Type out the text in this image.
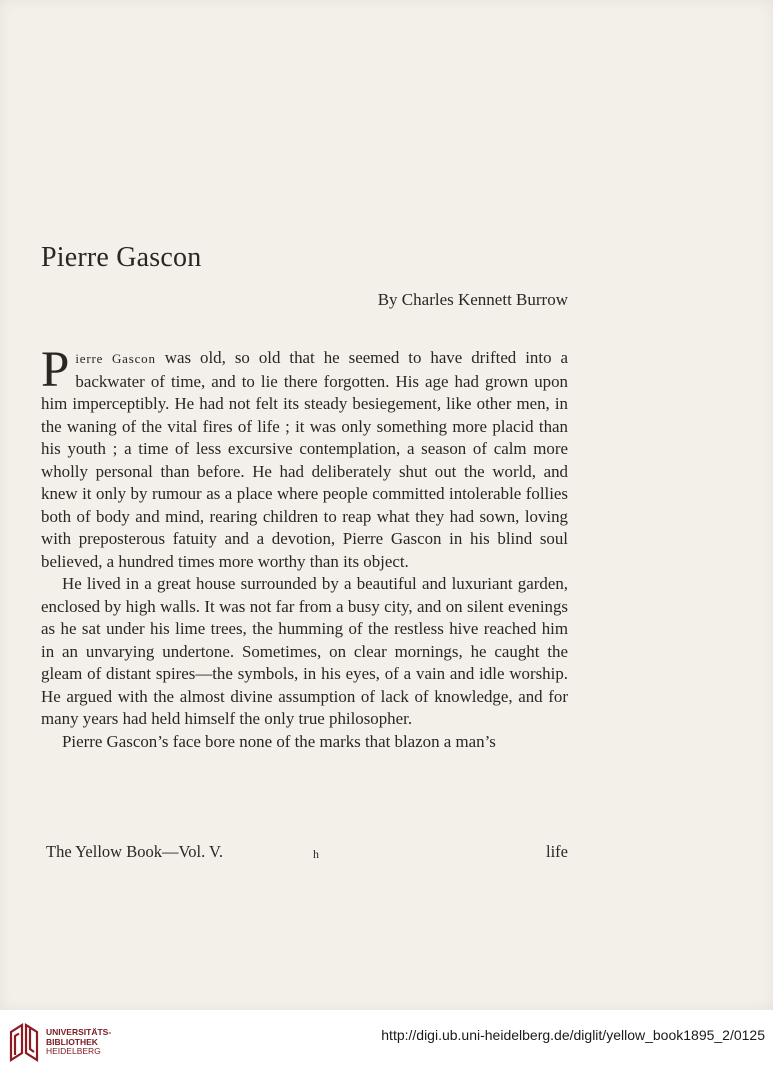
Pierre Gascon
By Charles Kennett Burrow

Pierre Gascon was old, so old that he seemed to have drifted into a backwater of time, and to lie there forgotten. His age had grown upon him imperceptibly. He had not felt its steady besiegement, like other men, in the waning of the vital fires of life ; it was only something more placid than his youth ; a time of less excursive contemplation, a season of calm more wholly personal than before. He had deliberately shut out the world, and knew it only by rumour as a place where people committed intolerable follies both of body and mind, rearing children to reap what they had sown, loving with preposterous fatuity and a devotion, Pierre Gascon in his blind soul believed, a hundred times more worthy than its object.

He lived in a great house surrounded by a beautiful and luxuriant garden, enclosed by high walls. It was not far from a busy city, and on silent evenings as he sat under his lime trees, the humming of the restless hive reached him in an unvarying undertone. Sometimes, on clear mornings, he caught the gleam of distant spires—the symbols, in his eyes, of a vain and idle worship. He argued with the almost divine assumption of lack of knowledge, and for many years had held himself the only true philosopher.

Pierre Gascon’s face bore none of the marks that blazon a man’s

The Yellow Book—Vol. V.	h	life
UNIVERSITÄTS-
BIBLIOTHEK
HEIDELBERG
http://digi.ub.uni-heidelberg.de/diglit/yellow_book1895_2/0125
